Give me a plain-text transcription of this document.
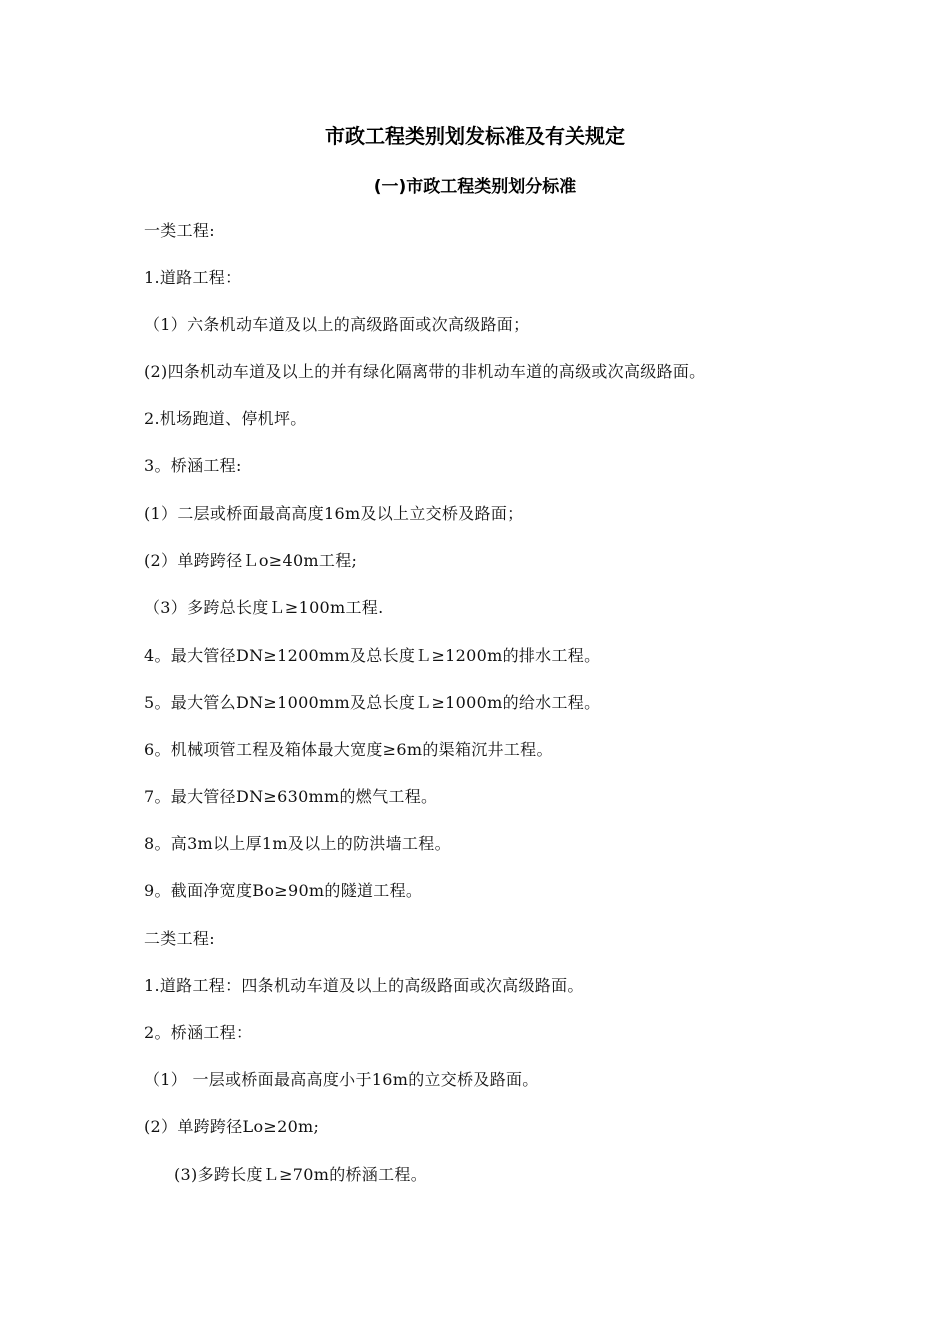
市政工程类别划发标准及有关规定
(一)市政工程类别划分标准
一类工程:
1.道路工程：
（1）六条机动车道及以上的高级路面或次高级路面；
(2)四条机动车道及以上的并有绿化隔离带的非机动车道的高级或次高级路面。
2.机场跑道、停机坪。
3。桥涵工程:
(1）二层或桥面最高高度16m及以上立交桥及路面；
(2）单跨跨径Ｌo≥40m工程;
（3）多跨总长度Ｌ≥100m工程.
4。最大管径DN≥1200mm及总长度Ｌ≥1200m的排水工程。
5。最大管么DN≥1000mm及总长度Ｌ≥1000m的给水工程。
6。机械项管工程及箱体最大宽度≥6m的渠箱沉井工程。
7。最大管径DN≥630mm的燃气工程。
8。高3m以上厚1m及以上的防洪墙工程。
9。截面净宽度Bo≥90m的隧道工程。
二类工程:
1.道路工程：四条机动车道及以上的高级路面或次高级路面。
2。桥涵工程：
（1） 一层或桥面最高高度小于16m的立交桥及路面。
(2）单跨跨径Lo≥20m;
(3)多跨长度Ｌ≥70m的桥涵工程。
